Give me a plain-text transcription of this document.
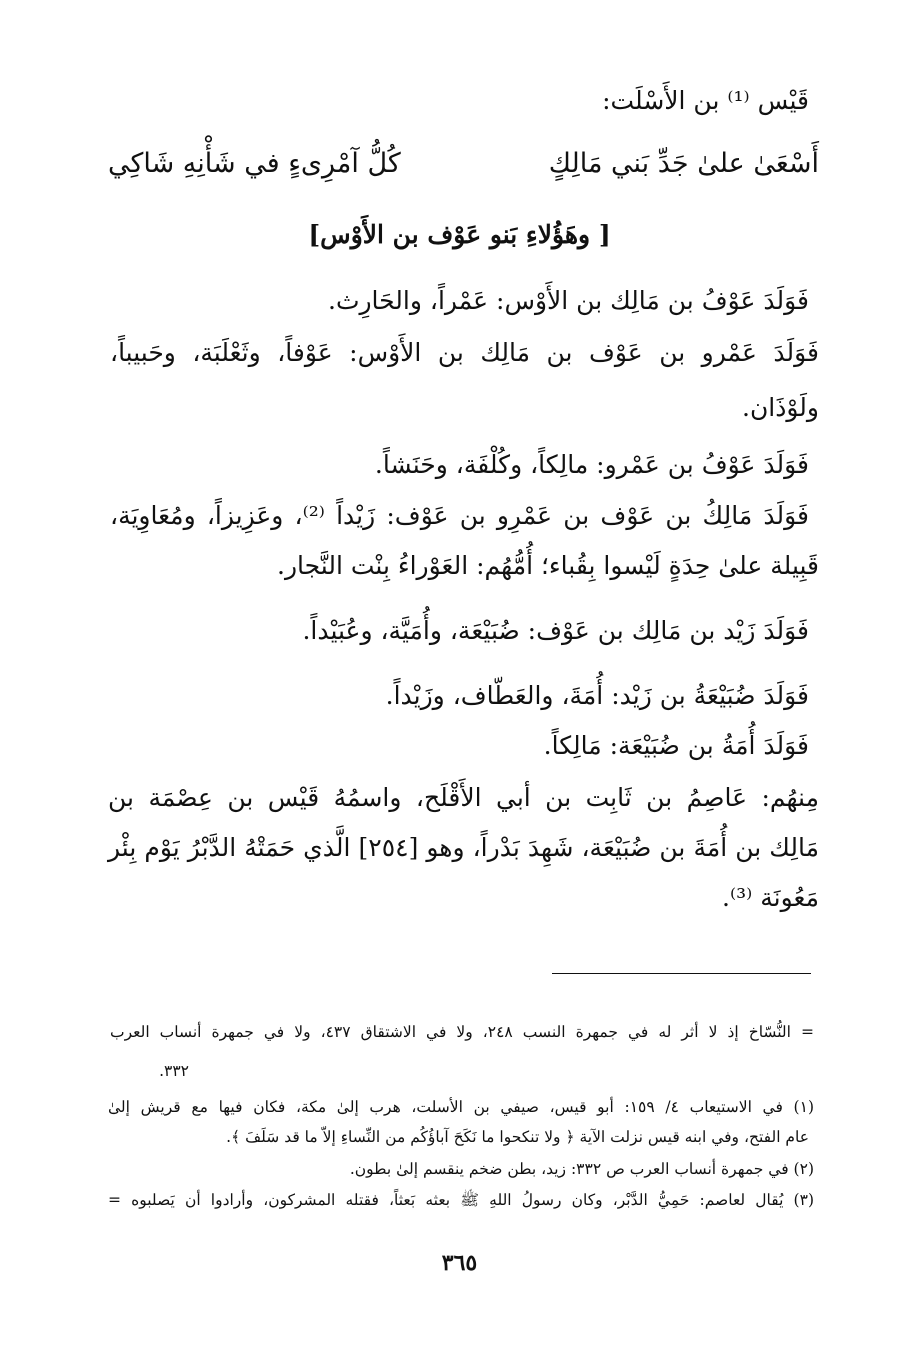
قَيْس ⁽¹⁾ بن الأَسْلَت:
أَسْعَىٰ علىٰ جَدِّ بَني مَالِكٍ
كُلُّ آمْرِىءٍ في شَأْنِهِ شَاكِي
[ وهَؤُلاءِ بَنو عَوْف بن الأَوْس]
فَوَلَدَ عَوْفُ بن مَالِك بن الأَوْس: عَمْراً، والحَارِث.
فَوَلَدَ عَمْرو بن عَوْف بن مَالِك بن الأَوْس: عَوْفاً، وثَعْلَبَة، وحَبيباً،
ولَوْذَان.
فَوَلَدَ عَوْفُ بن عَمْرو: مالِكاً، وكُلْفَة، وحَنَشاً.
فَوَلَدَ مَالِكُ بن عَوْف بن عَمْرِو بن عَوْف: زَيْداً ⁽²⁾، وعَزِيزاً، ومُعَاوِيَة،
قَبِيلة علىٰ حِدَةٍ لَيْسوا بِقُباء؛ أُمُّهُم: العَوْراءُ بِنْت النَّجار.
فَوَلَدَ زَيْد بن مَالِك بن عَوْف: ضُبَيْعَة، وأُمَيَّة، وعُبَيْداً.
فَوَلَدَ ضُبَيْعَةُ بن زَيْد: أُمَةَ، والعَطّاف، وزَيْداً.
فَوَلَدَ أُمَةُ بن ضُبَيْعَة: مَالِكاً.
مِنهُم: عَاصِمُ بن ثَابِت بن أبي الأَقْلَح، واسمُهُ قَيْس بن عِصْمَة بن
مَالِك بن أُمَةَ بن ضُبَيْعَة، شَهِدَ بَدْراً، وهو [٢٥٤] الَّذي حَمَتْهُ الدَّبْرُ يَوْم بِئْر
مَعُونَة ⁽³⁾.
= النُّسّاخ إذ لا أثر له في جمهرة النسب ٢٤٨، ولا في الاشتقاق ٤٣٧، ولا في جمهرة أنساب العرب
٣٣٢.
(١) في الاستيعاب ٤/ ١٥٩: أبو قيس، صيفي بن الأسلت، هرب إلىٰ مكة، فكان فيها مع قريش إلىٰ
عام الفتح، وفي ابنه قيس نزلت الآية ﴿ ولا تنكحوا ما نَكَحَ آباؤُكُم من النِّساءِ إلاّ ما قد سَلَفَ ﴾.
(٢) في جمهرة أنساب العرب ص ٣٣٢: زيد، بطن ضخم ينقسم إلىٰ بطون.
(٣) يُقال لعاصم: حَمِيُّ الدَّبْر، وكان رسولُ اللهِ ﷺ بعثه بَعثاً، فقتله المشركون، وأرادوا أن يَصلبوه =
٣٦٥
